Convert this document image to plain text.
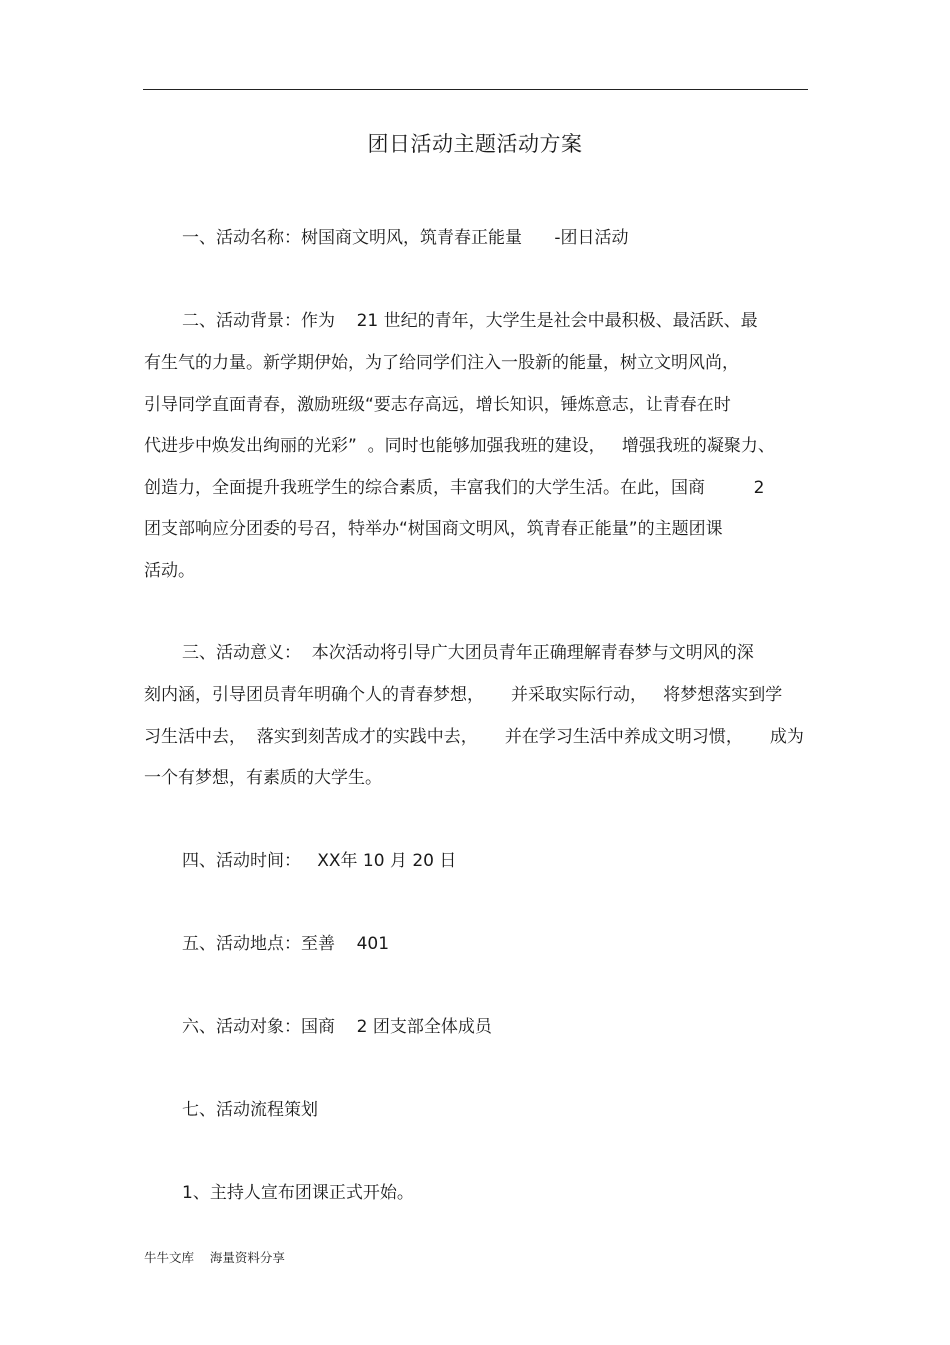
团日活动主题活动方案
一、活动名称：树国商文明风，筑青春正能量      -团日活动
二、活动背景：作为    21 世纪的青年，大学生是社会中最积极、最活跃、最
有生气的力量。新学期伊始，为了给同学们注入一股新的能量，树立文明风尚，
引导同学直面青春，激励班级“要志存高远，增长知识，锤炼意志，让青春在时
代进步中焕发出绚丽的光彩”  。同时也能够加强我班的建设，   增强我班的凝聚力、
创造力，全面提升我班学生的综合素质，丰富我们的大学生活。在此，国商         2
团支部响应分团委的号召，特举办“树国商文明风，筑青春正能量”的主题团课
活动。
三、活动意义：  本次活动将引导广大团员青年正确理解青春梦与文明风的深
刻内涵，引导团员青年明确个人的青春梦想，     并采取实际行动，   将梦想落实到学
习生活中去，  落实到刻苦成才的实践中去，     并在学习生活中养成文明习惯，     成为
一个有梦想，有素质的大学生。
四、活动时间：   XX年 10 月 20 日
五、活动地点：至善    401
六、活动对象：国商    2 团支部全体成员
七、活动流程策划
1、主持人宣布团课正式开始。
牛牛文库    海量资料分享
